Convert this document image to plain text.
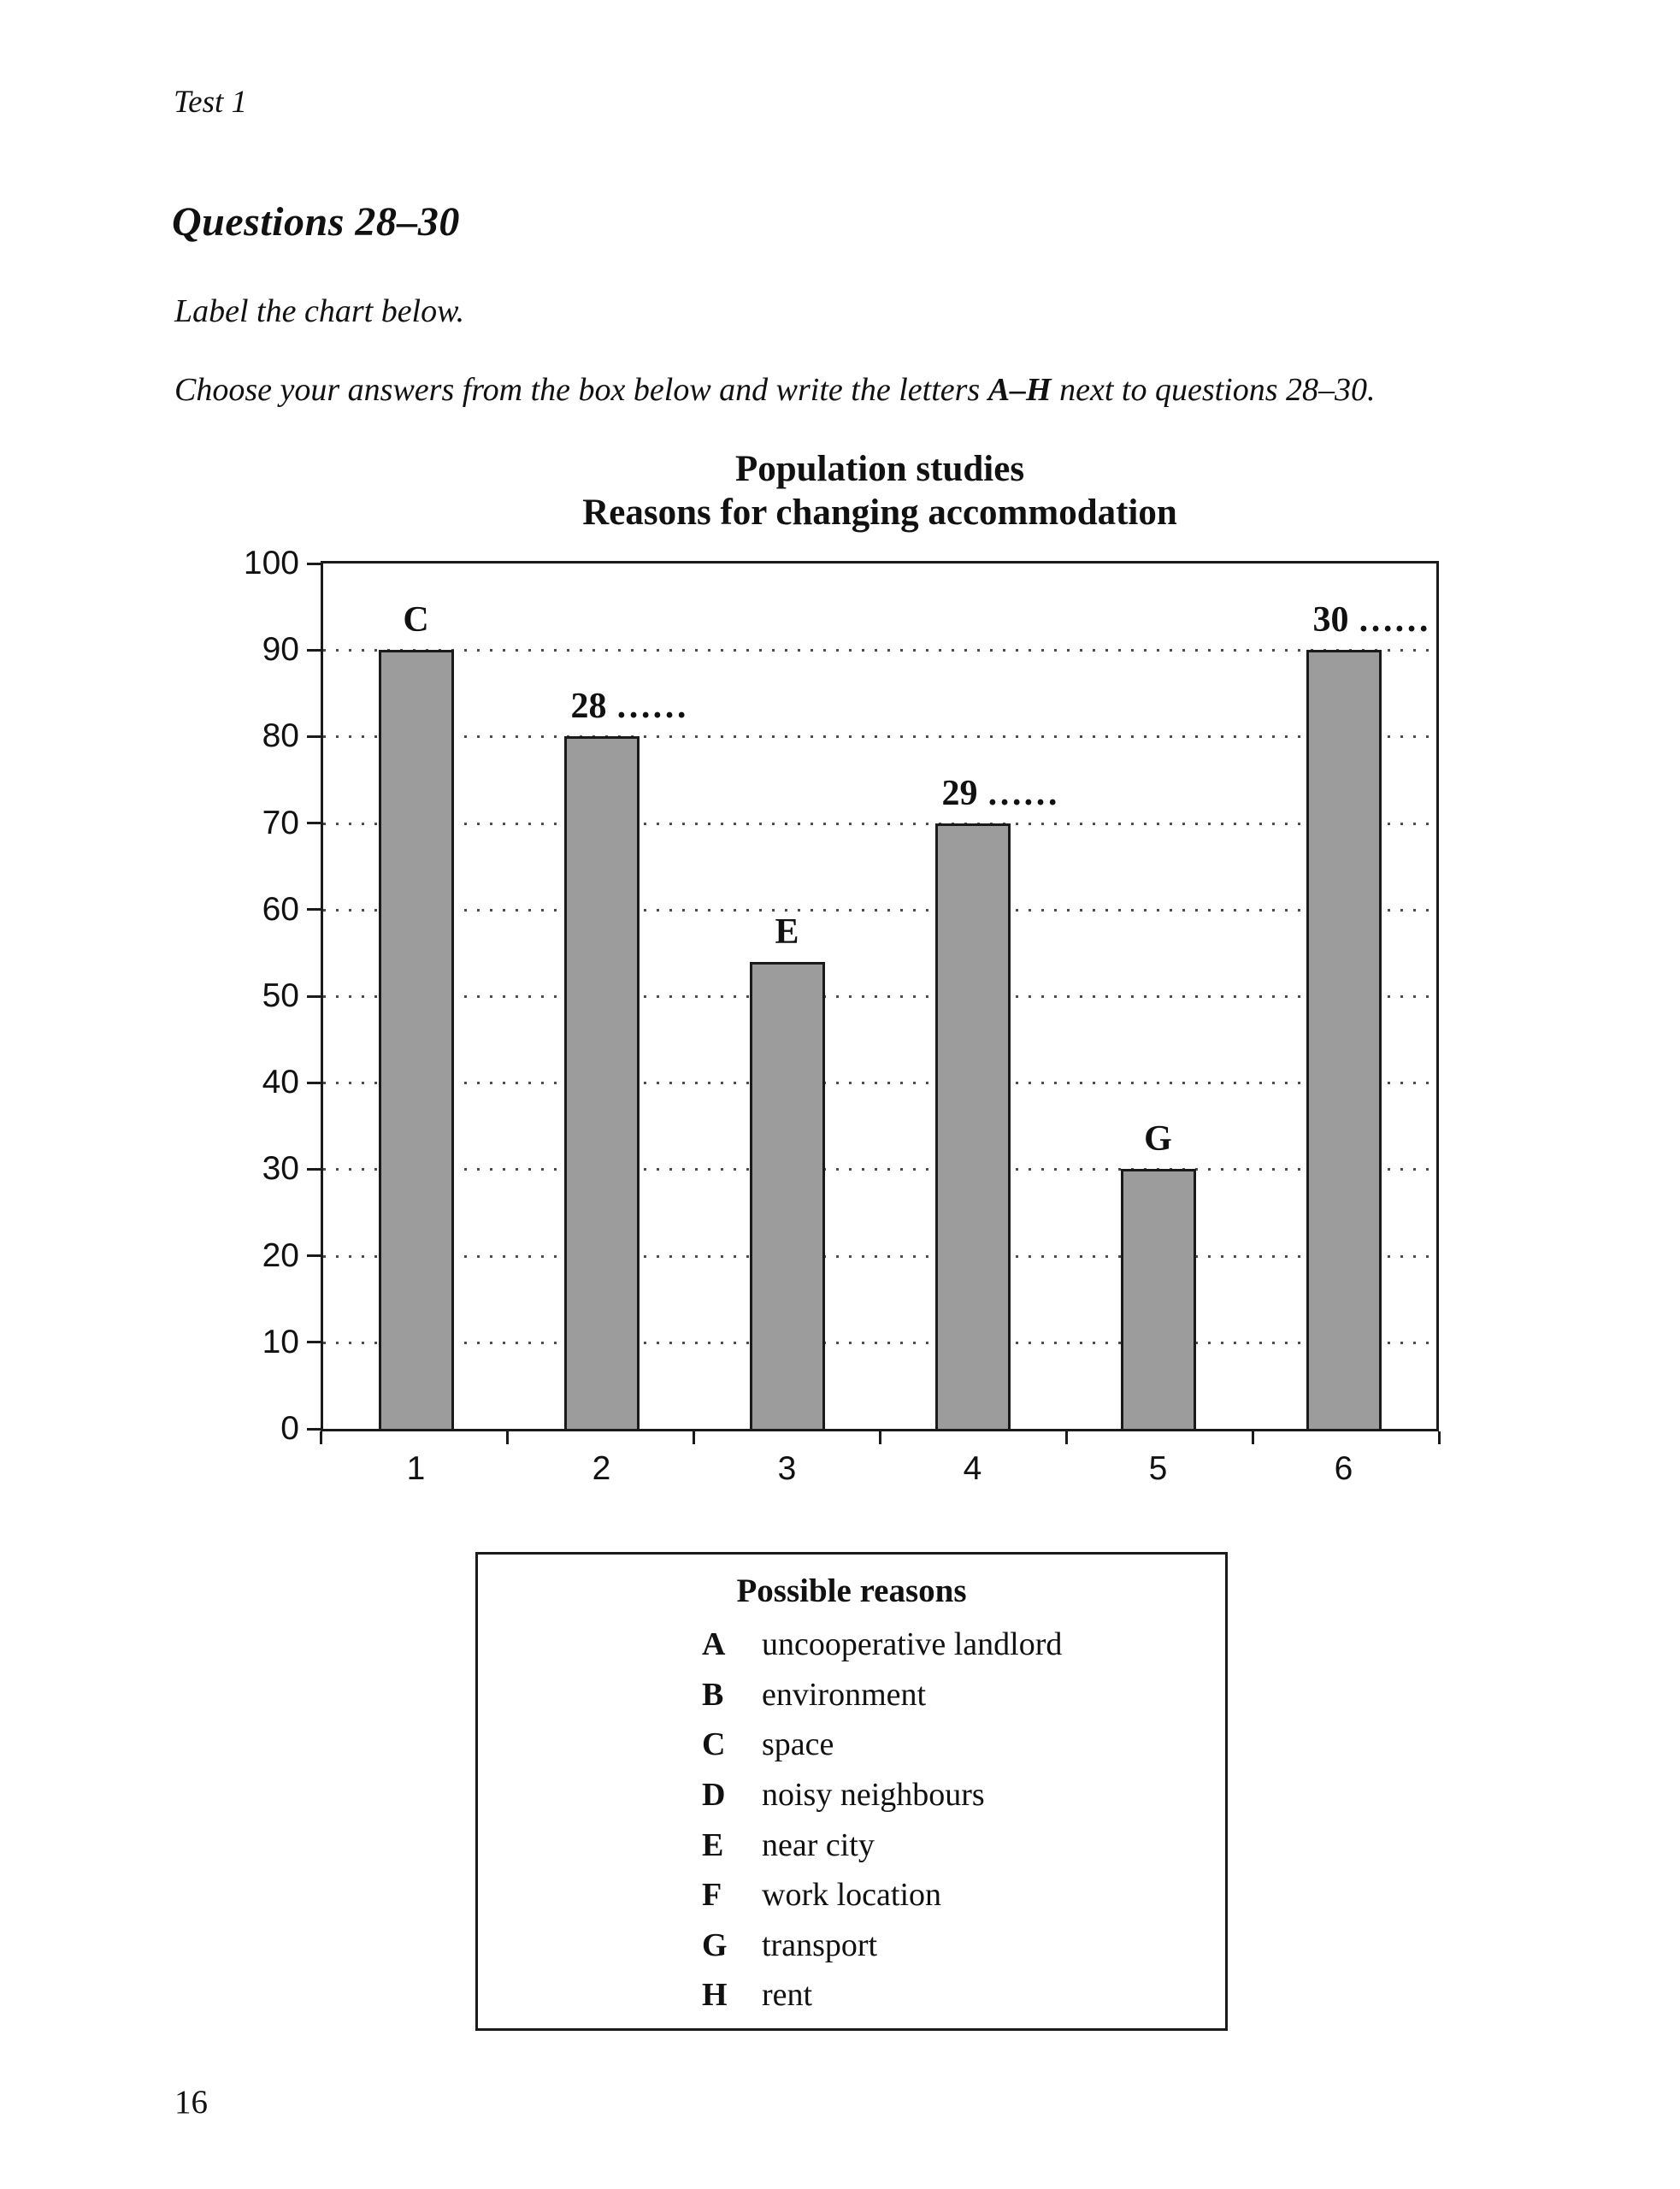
Test 1
Questions 28–30
Label the chart below.
Choose your answers from the box below and write the letters A–H next to questions 28–30.
Population studies
Reasons for changing accommodation
C
28 ……
E
29 ……
G
30 ……
0
10
20
30
40
50
60
70
80
90
100
1	2	3	4	5	6
Possible reasons
A	uncooperative landlord
B	environment
C	space
D	noisy neighbours
E	near city
F	work location
G	transport
H	rent
16
